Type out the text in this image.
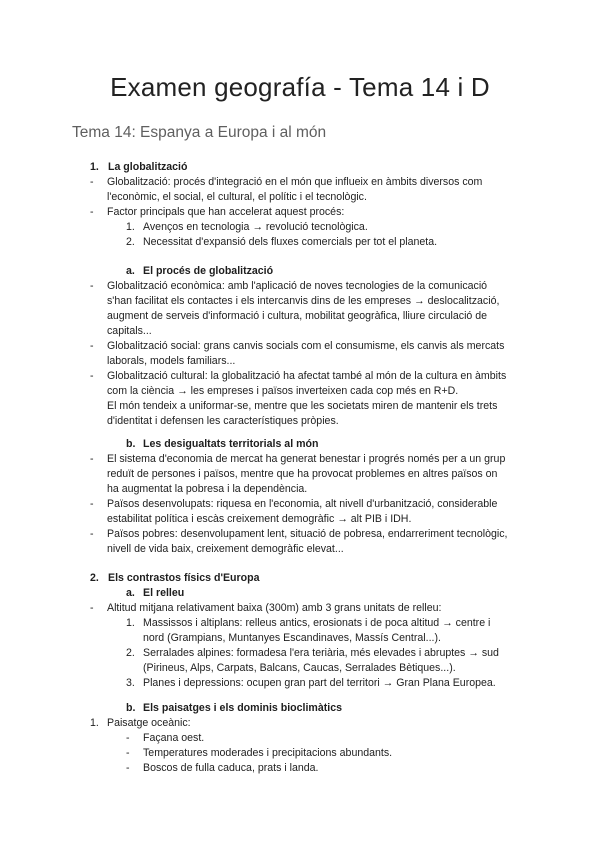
Examen geografía - Tema 14 i D
Tema 14: Espanya a Europa i al món
1. La globalització
- Globalització: procés d'integració en el món que influeix en àmbits diversos com
l'econòmic, el social, el cultural, el polític i el tecnològic.
- Factor principals que han accelerat aquest procés:
1. Avenços en tecnologia → revolució tecnològica.
2. Necessitat d'expansió dels fluxes comercials per tot el planeta.
a. El procés de globalització
- Globalització econòmica: amb l'aplicació de noves tecnologies de la comunicació
s'han facilitat els contactes i els intercanvis dins de les empreses → deslocalització,
augment de serveis d'informació i cultura, mobilitat geogràfica, lliure circulació de
capitals...
- Globalització social: grans canvis socials com el consumisme, els canvis als mercats
laborals, models familiars...
- Globalització cultural: la globalització ha afectat també al món de la cultura en àmbits
com la ciència → les empreses i països inverteixen cada cop més en R+D.
El món tendeix a uniformar-se, mentre que les societats miren de mantenir els trets
d'identitat i defensen les característiques pròpies.
b. Les desigualtats territorials al món
- El sistema d'economia de mercat ha generat benestar i progrés només per a un grup
reduït de persones i països, mentre que ha provocat problemes en altres països on
ha augmentat la pobresa i la dependència.
- Països desenvolupats: riquesa en l'economia, alt nivell d'urbanització, considerable
estabilitat política i escàs creixement demogràfic → alt PIB i IDH.
- Països pobres: desenvolupament lent, situació de pobresa, endarreriment tecnològic,
nivell de vida baix, creixement demogràfic elevat...
2. Els contrastos físics d'Europa
a. El relleu
- Altitud mitjana relativament baixa (300m) amb 3 grans unitats de relleu:
1. Massissos i altiplans: relleus antics, erosionats i de poca altitud → centre i
nord (Grampians, Muntanyes Escandinaves, Massís Central...).
2. Serralades alpines: formadesa l'era teriària, més elevades i abruptes → sud
(Pirineus, Alps, Carpats, Balcans, Caucas, Serralades Bètiques...).
3. Planes i depressions: ocupen gran part del territori → Gran Plana Europea.
b. Els paisatges i els dominis bioclimàtics
1. Paisatge oceànic:
- Façana oest.
- Temperatures moderades i precipitacions abundants.
- Boscos de fulla caduca, prats i landa.
